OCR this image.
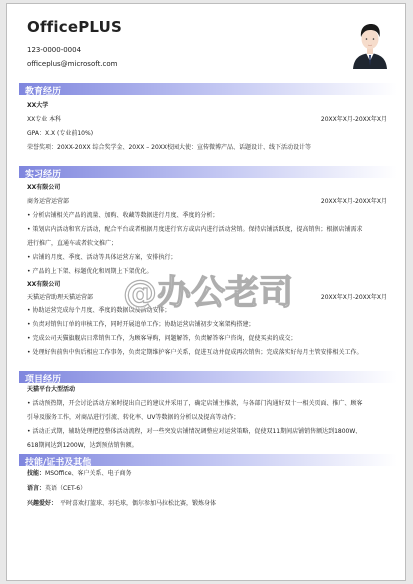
OfficePLUS
123-0000-0004
officeplus@microsoft.com
教育经历
XX大学
XX专业 本科	20XX年X月-20XX年X月
GPA：X.X (专业前10%)
荣誉奖项：20XX-20XX 综合奖学金、20XX – 20XX校园大使：宣传微博产品、话题设计、线下活动设计等
实习经历
XX有限公司
商务运营运营部	20XX年X月-20XX年X月
• 分析店铺相关产品的流量、加购、收藏等数据进行月度、季度的分析；
• 策划店内活动和官方活动，配合平台或者根据月度进行官方或店内进行活动营销。保持店铺活跃度，提高销售；根据店铺需求
进行推广，直通车或者软文推广；
• 店铺的月度、季度、活动等具体运营方案，安排执行；
• 产品的上下架、标题优化和周期上下架优化。
XX有限公司
天猫运营助理天猫运营部	20XX年X月-20XX年X月
• 协助运营完成每个月度、季度的数据以及活动安排；
• 负责对销售订单的审核工作，同时开展追单工作；协助运营店铺初步文案架构搭建；
• 完成公司天猫旗舰店日常销售工作，为顾客导购，问题解答，负责解答客户咨询，促使买卖的成交；
• 处理好售前售中售后相应工作事务，负责定期维护客户关系，促进互动并促成再次销售；完成落实好每月主管安排相关工作。
项目经历
天猫平台大型活动
• 活动预热期，开会讨论活动方案时提出自己的建议并采用了，确定店铺主推款，与各部门沟通好双十一相关页面、推广、顾客
引导及服务工作，对商品进行引流、转化率、UV等数据的分析以及提高等动作；
• 活动正式期，辅助处理把控整体活动流程，对一些突发店铺情况调整应对运营策略，促使双11期间店铺销售额达到1800W、
618期间达到1200W，达到预估销售额。
技能/证书及其他
技能：MSOffice、客户关系、电子商务
语言：英语（CET-6）
兴趣爱好： 平时喜欢打篮球、羽毛球，偶尔参加马拉松比赛，锻炼身体
@办公老司
